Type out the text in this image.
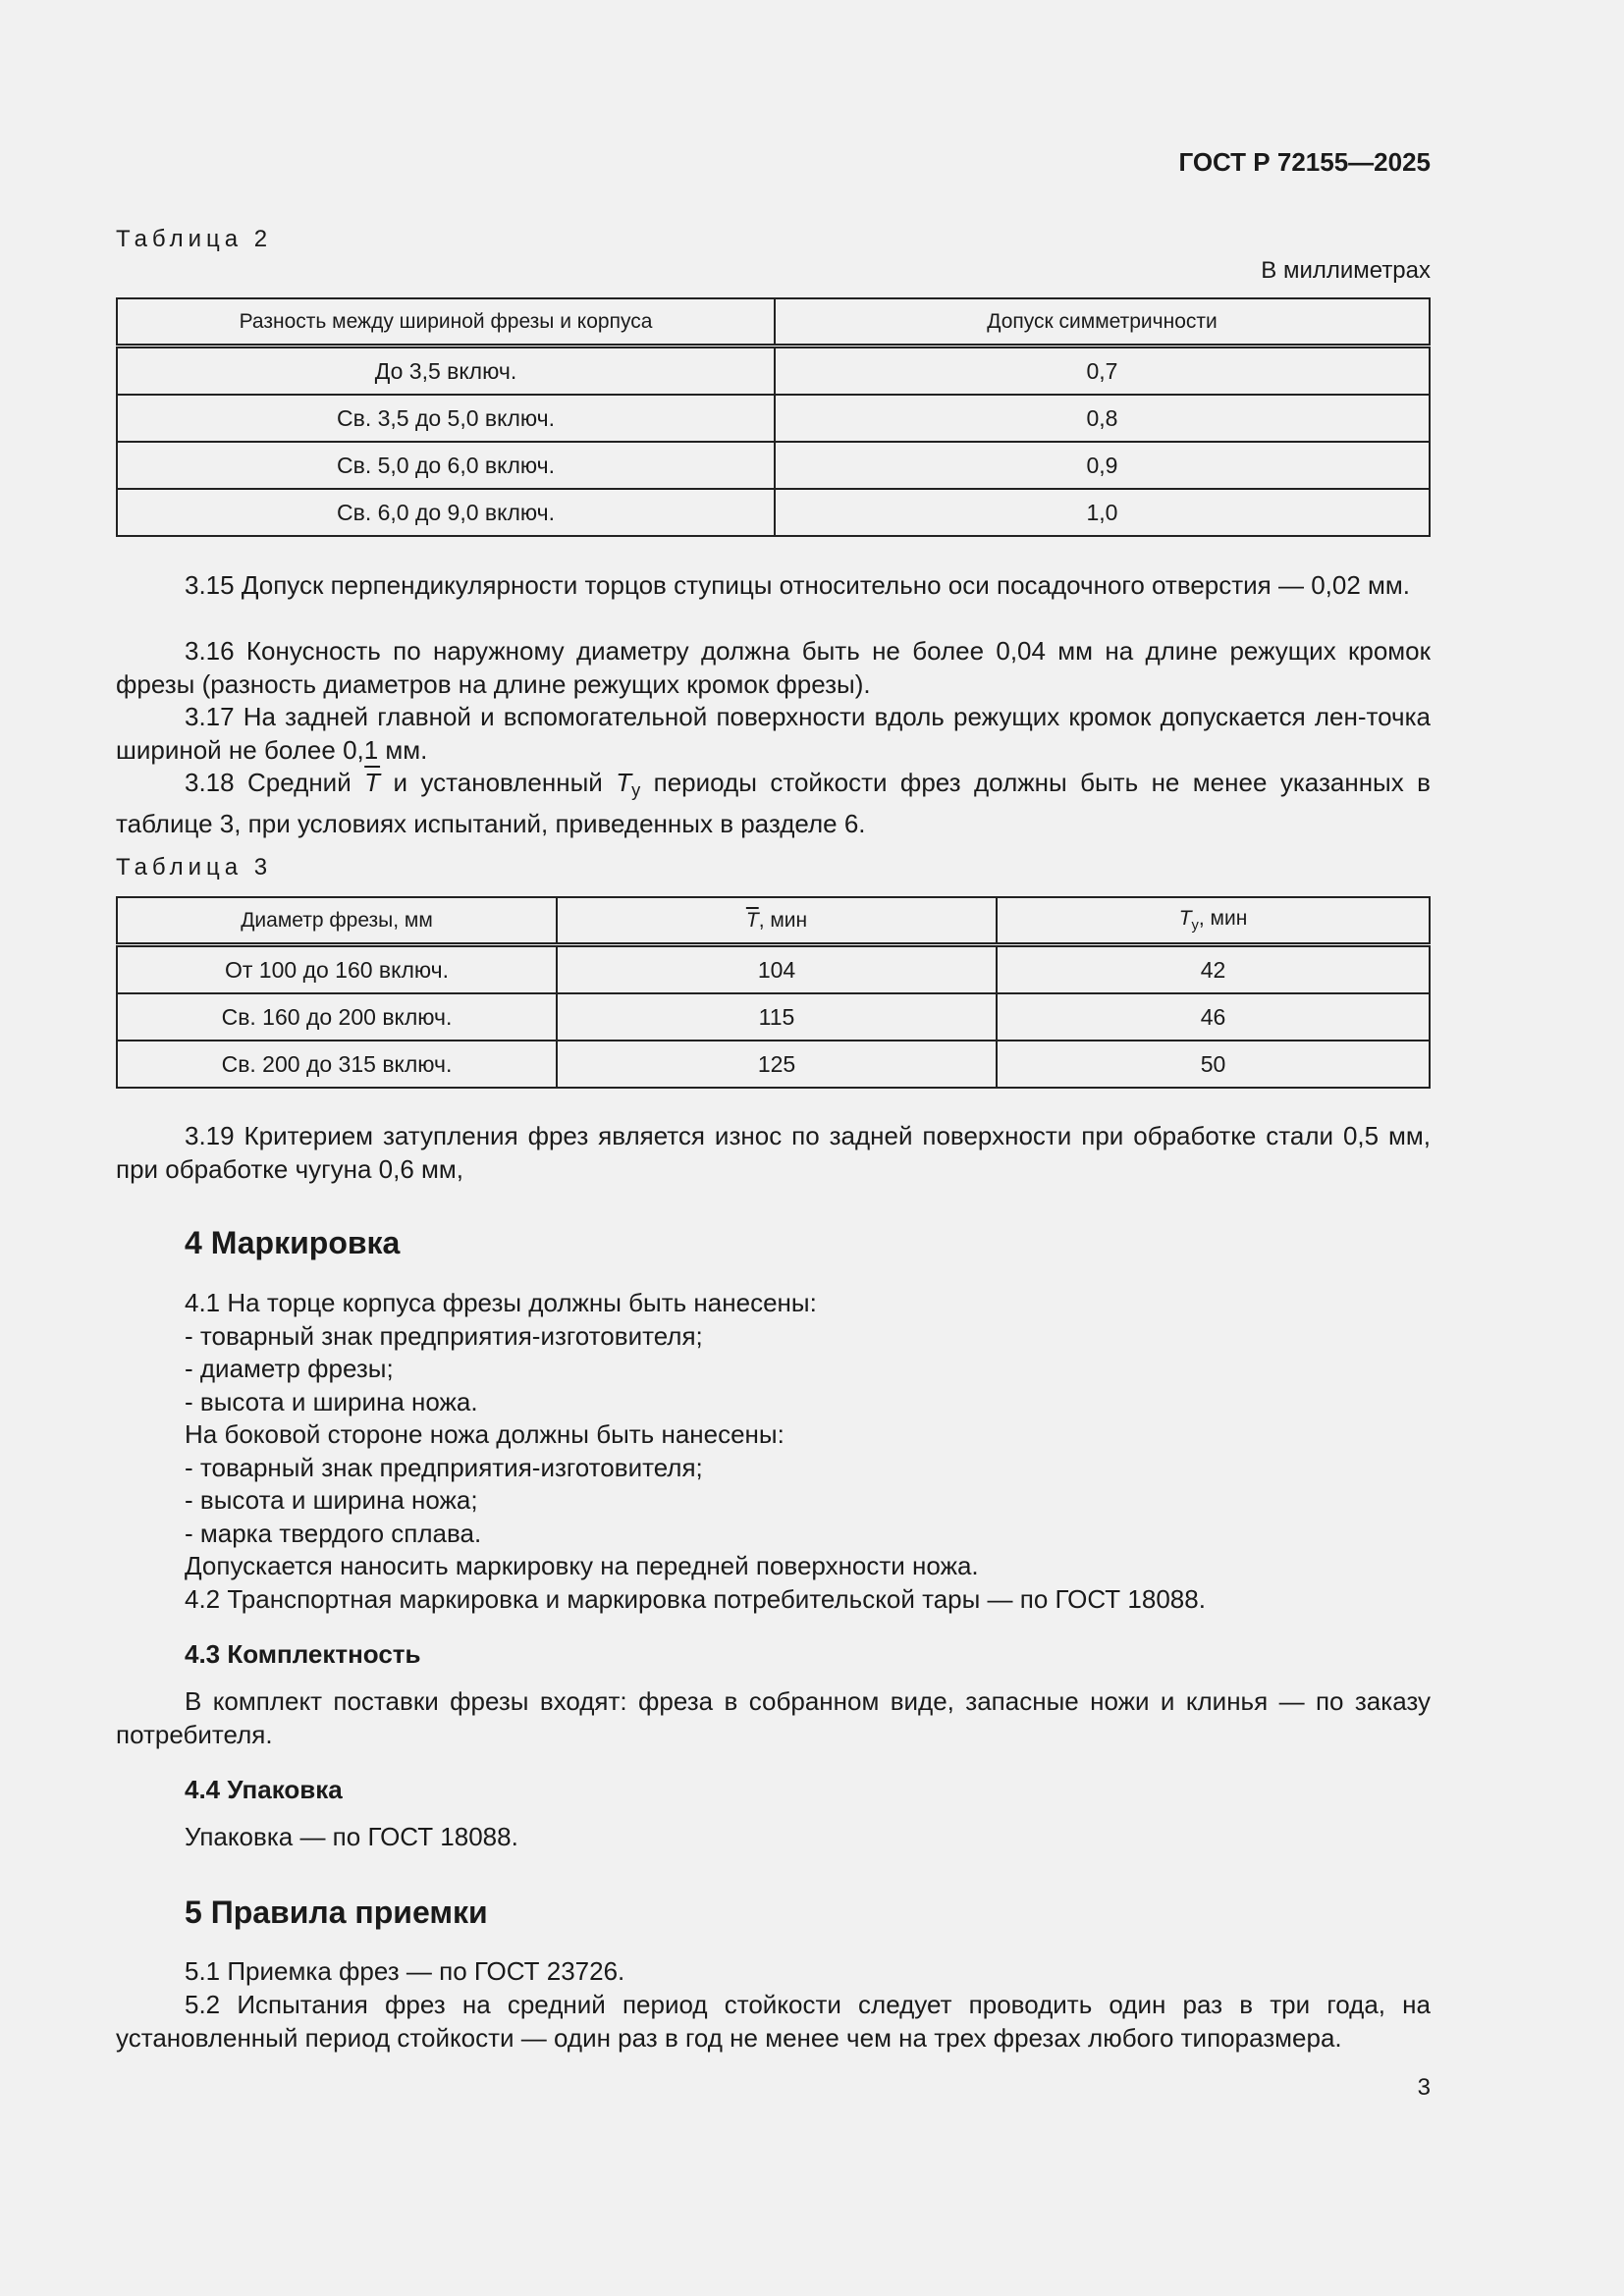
ГОСТ Р 72155—2025
Таблица 2
В миллиметрах
Разность между шириной фрезы и корпуса	Допуск симметричности
До 3,5 включ.	0,7
Св. 3,5 до 5,0 включ.	0,8
Св. 5,0 до 6,0 включ.	0,9
Св. 6,0 до 9,0 включ.	1,0
3.15 Допуск перпендикулярности торцов ступицы относительно оси посадочного отверстия — 0,02 мм.
3.16 Конусность по наружному диаметру должна быть не более 0,04 мм на длине режущих кромок фрезы (разность диаметров на длине режущих кромок фрезы).
3.17 На задней главной и вспомогательной поверхности вдоль режущих кромок допускается лен-точка шириной не более 0,1 мм.
3.18 Средний $\overline{T}$ и установленный $T_у$ периоды стойкости фрез должны быть не менее указанных в таблице 3, при условиях испытаний, приведенных в разделе 6.
Таблица 3
Диаметр фрезы, мм	$\overline{T}$, мин	$T_у$, мин
От 100 до 160 включ.	104	42
Св. 160 до 200 включ.	115	46
Св. 200 до 315 включ.	125	50
3.19 Критерием затупления фрез является износ по задней поверхности при обработке стали 0,5 мм, при обработке чугуна 0,6 мм,
4 Маркировка
4.1 На торце корпуса фрезы должны быть нанесены:
- товарный знак предприятия-изготовителя;
- диаметр фрезы;
- высота и ширина ножа.
На боковой стороне ножа должны быть нанесены:
- товарный знак предприятия-изготовителя;
- высота и ширина ножа;
- марка твердого сплава.
Допускается наносить маркировку на передней поверхности ножа.
4.2 Транспортная маркировка и маркировка потребительской тары — по ГОСТ 18088.
4.3 Комплектность
В комплект поставки фрезы входят: фреза в собранном виде, запасные ножи и клинья — по заказу потребителя.
4.4 Упаковка
Упаковка — по ГОСТ 18088.
5 Правила приемки
5.1 Приемка фрез — по ГОСТ 23726.
5.2 Испытания фрез на средний период стойкости следует проводить один раз в три года, на установленный период стойкости — один раз в год не менее чем на трех фрезах любого типоразмера.
3
